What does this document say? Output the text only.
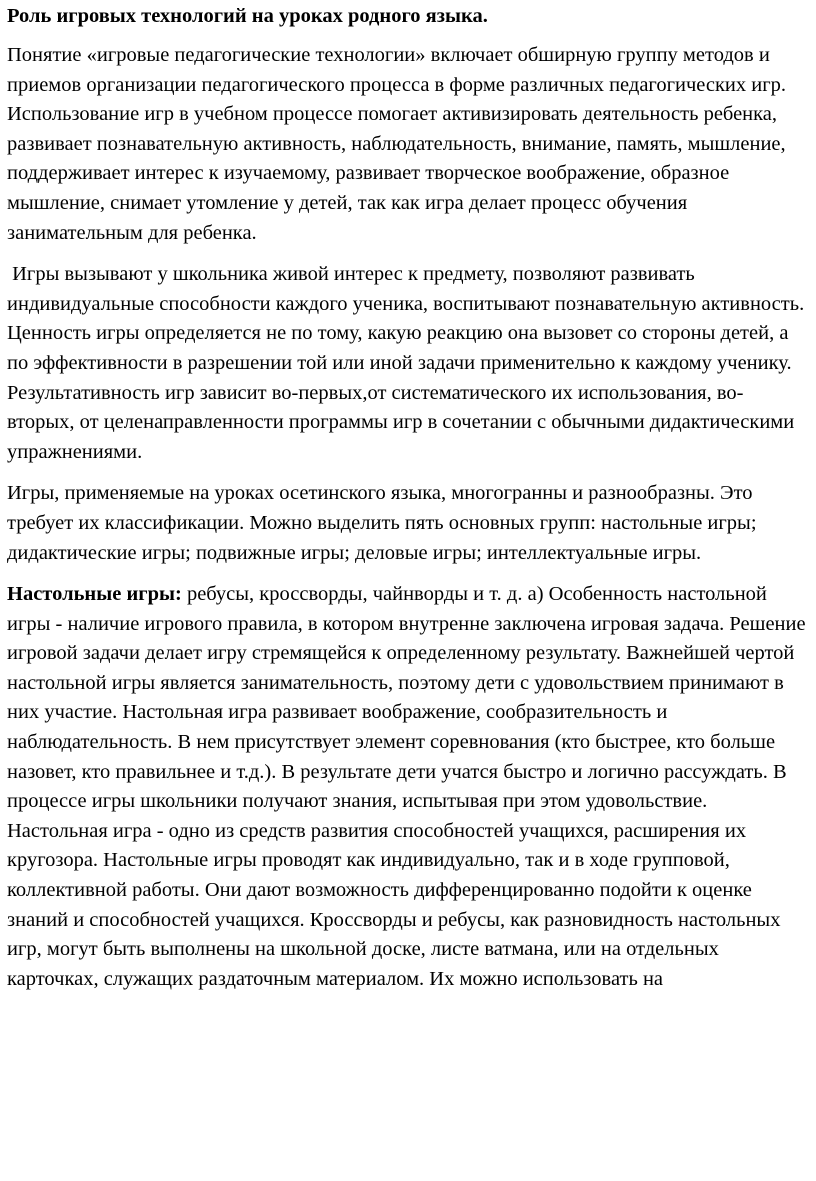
Роль игровых технологий на уроках родного языка.

Понятие «игровые педагогические технологии» включает обширную группу методов и приемов организации педагогического процесса в форме различных педагогических игр. Использование игр в учебном процессе помогает активизировать деятельность ребенка, развивает познавательную активность, наблюдательность, внимание, память, мышление, поддерживает интерес к изучаемому, развивает творческое воображение, образное мышление, снимает утомление у детей, так как игра делает процесс обучения занимательным для ребенка.

Игры вызывают у школьника живой интерес к предмету, позволяют развивать индивидуальные способности каждого ученика, воспитывают познавательную активность. Ценность игры определяется не по тому, какую реакцию она вызовет со стороны детей, а по эффективности в разрешении той или иной задачи применительно к каждому ученику. Результативность игр зависит во-первых,от систематического их использования, во-вторых, от целенаправленности программы игр в сочетании с обычными дидактическими упражнениями.

Игры, применяемые на уроках осетинского языка, многогранны и разнообразны. Это требует их классификации. Можно выделить пять основных групп: настольные игры; дидактические игры; подвижные игры; деловые игры; интеллектуальные игры.

Настольные игры: ребусы, кроссворды, чайнворды и т. д. а) Особенность настольной игры - наличие игрового правила, в котором внутренне заключена игровая задача. Решение игровой задачи делает игру стремящейся к определенному результату. Важнейшей чертой настольной игры является занимательность, поэтому дети с удовольствием принимают в них участие. Настольная игра развивает воображение, сообразительность и наблюдательность. В нем присутствует элемент соревнования (кто быстрее, кто больше назовет, кто правильнее и т.д.). В результате дети учатся быстро и логично рассуждать. В процессе игры школьники получают знания, испытывая при этом удовольствие. Настольная игра - одно из средств развития способностей учащихся, расширения их кругозора. Настольные игры проводят как индивидуально, так и в ходе групповой, коллективной работы. Они дают возможность дифференцированно подойти к оценке знаний и способностей учащихся. Кроссворды и ребусы, как разновидность настольных игр, могут быть выполнены на школьной доске, листе ватмана, или на отдельных карточках, служащих раздаточным материалом. Их можно использовать на
